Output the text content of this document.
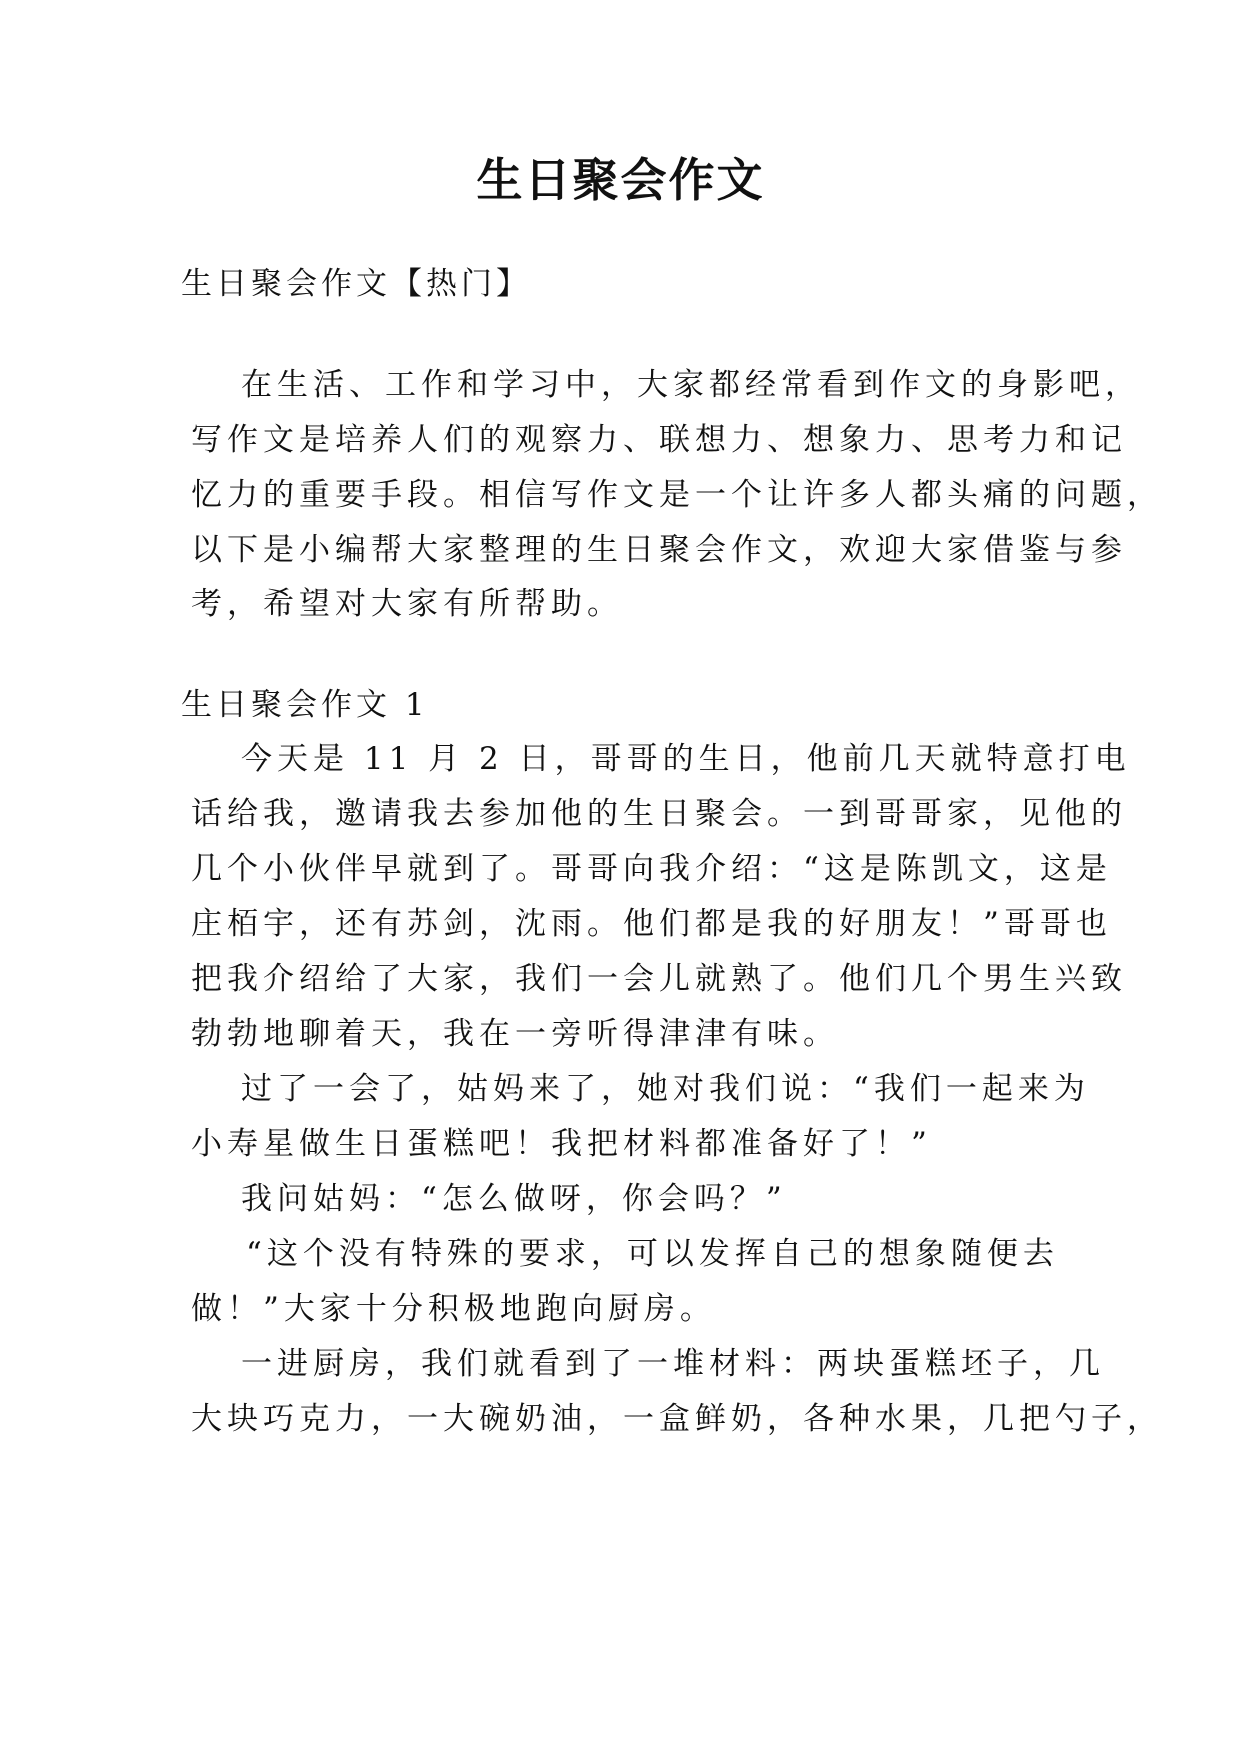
生日聚会作文
生日聚会作文【热门】
在生活、工作和学习中，大家都经常看到作文的身影吧，
写作文是培养人们的观察力、联想力、想象力、思考力和记
忆力的重要手段。相信写作文是一个让许多人都头痛的问题，
以下是小编帮大家整理的生日聚会作文，欢迎大家借鉴与参
考，希望对大家有所帮助。
生日聚会作文 1
今天是 11 月 2 日，哥哥的生日，他前几天就特意打电
话给我，邀请我去参加他的生日聚会。一到哥哥家，见他的
几个小伙伴早就到了。哥哥向我介绍：“这是陈凯文，这是
庄栢宇，还有苏剑，沈雨。他们都是我的好朋友！”哥哥也
把我介绍给了大家，我们一会儿就熟了。他们几个男生兴致
勃勃地聊着天，我在一旁听得津津有味。
过了一会了，姑妈来了，她对我们说：“我们一起来为
小寿星做生日蛋糕吧！我把材料都准备好了！”
我问姑妈：“怎么做呀，你会吗？”
“这个没有特殊的要求，可以发挥自己的想象随便去
做！”大家十分积极地跑向厨房。
一进厨房，我们就看到了一堆材料：两块蛋糕坯子，几
大块巧克力，一大碗奶油，一盒鲜奶，各种水果，几把勺子，
